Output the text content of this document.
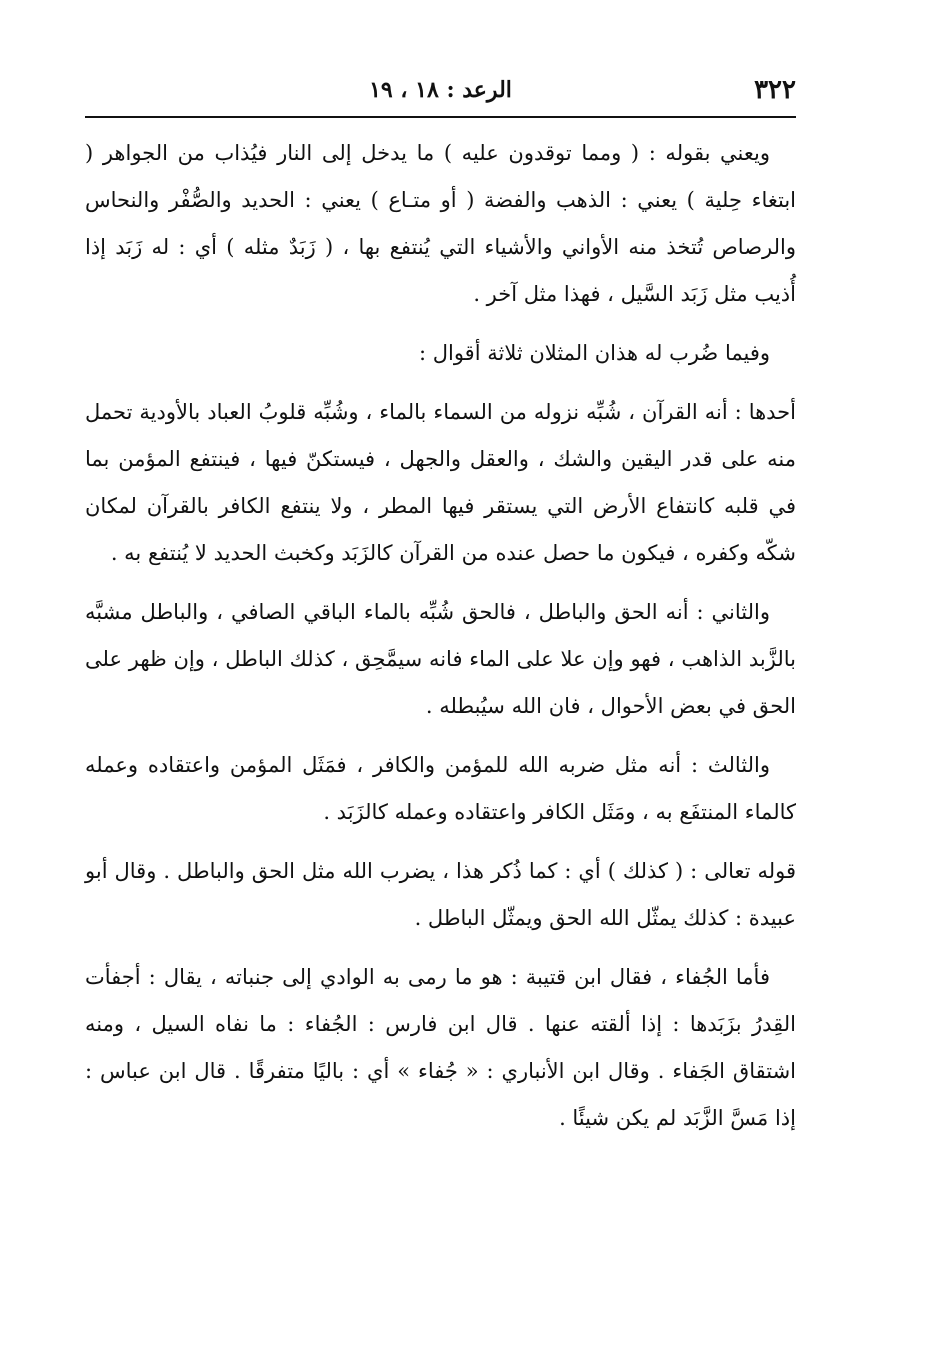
٣٢٢
الرعد : ١٨ ، ١٩

ويعني بقوله : ( ومما توقدون عليه ) ما يدخل إلى النار فيُذاب من الجواهر ( ابتغاء حِلية ) يعني : الذهب والفضة ( أو متـاع ) يعني : الحديد والصُّفْر والنحاس والرصاص تُتخذ منه الأواني والأشياء التي يُنتفع بها ، ( زَبَدٌ مثله ) أي : له زَبَد إذا أُذيب مثل زَبَد السَّيل ، فهذا مثل آخر .

وفيما ضُرب له هذان المثلان ثلاثة أقوال :

أحدها : أنه القرآن ، شُبِّه نزوله من السماء بالماء ، وشُبِّه قلوبُ العباد بالأودية تحمل منه على قدر اليقين والشك ، والعقل والجهل ، فيستكنّ فيها ، فينتفع المؤمن بما في قلبه كانتفاع الأرض التي يستقر فيها المطر ، ولا ينتفع الكافر بالقرآن لمكان شكّه وكفره ، فيكون ما حصل عنده من القرآن كالزَبَد وكخبث الحديد لا يُنتفع به .

والثاني : أنه الحق والباطل ، فالحق شُبِّه بالماء الباقي الصافي ، والباطل مشبَّه بالزَّبد الذاهب ، فهو وإن علا على الماء فانه سيمَّحِق ، كذلك الباطل ، وإن ظهر على الحق في بعض الأحوال ، فان الله سيُبطله .

والثالث : أنه مثل ضربه الله للمؤمن والكافر ، فمَثَل المؤمن واعتقاده وعمله كالماء المنتفَع به ، ومَثَل الكافر واعتقاده وعمله كالزَبَد .

قوله تعالى : ( كذلك ) أي : كما ذُكر هذا ، يضرب الله مثل الحق والباطل . وقال أبو عبيدة : كذلك يمثّل الله الحق ويمثّل الباطل .

فأما الجُفاء ، فقال ابن قتيبة : هو ما رمى به الوادي إلى جنباته ، يقال : أجفأت القِدرُ بزَبَدها : إذا ألقته عنها . قال ابن فارس : الجُفاء : ما نفاه السيل ، ومنه اشتقاق الجَفاء . وقال ابن الأنباري : « جُفاء » أي : باليًا متفرقًا . قال ابن عباس : إذا مَسَّ الزَّبَد لم يكن شيئًا .
